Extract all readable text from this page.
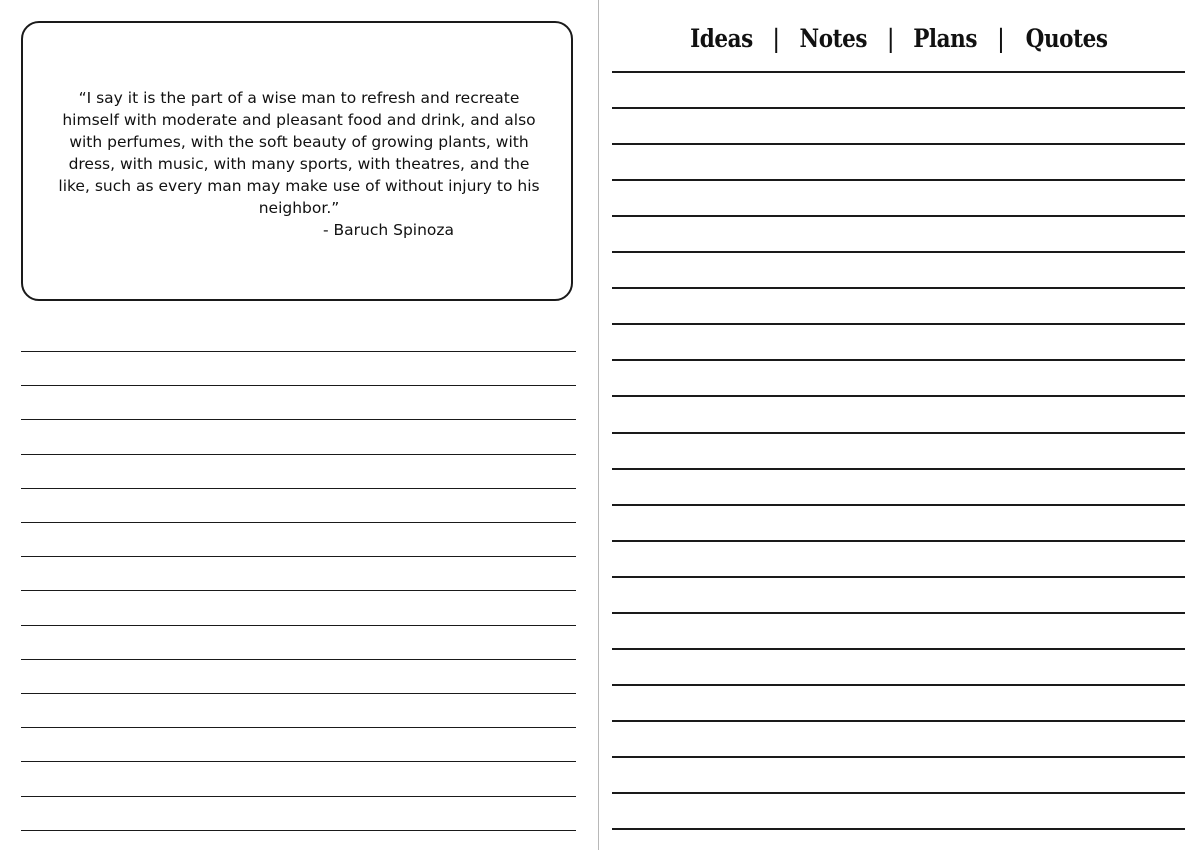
“I say it is the part of a wise man to refresh and recreate himself with moderate and pleasant food and drink, and also with perfumes, with the soft beauty of growing plants, with dress, with music, with many sports, with theatres, and the like, such as every man may make use of without injury to his neighbor.”

- Baruch Spinoza

Ideas | Notes | Plans | Quotes
